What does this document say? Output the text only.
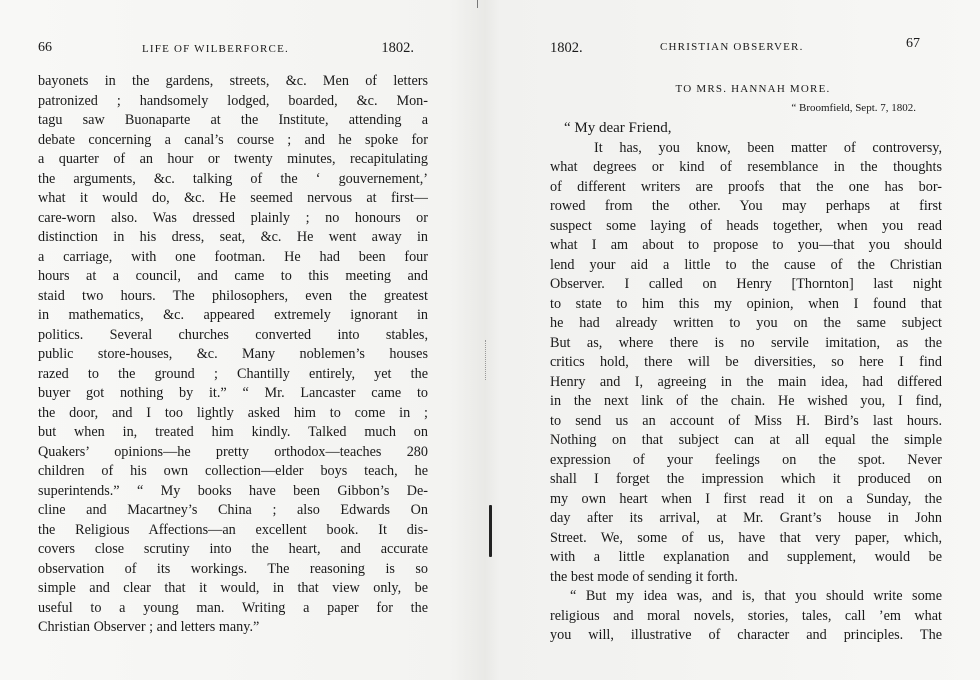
66	LIFE OF WILBERFORCE.	1802.
bayonets in the gardens, streets, &c. Men of letters
patronized ; handsomely lodged, boarded, &c. Mon-
tagu saw Buonaparte at the Institute, attending a
debate concerning a canal’s course ; and he spoke for
a quarter of an hour or twenty minutes, recapitulating
the arguments, &c. talking of the ‘ gouvernement,’
what it would do, &c. He seemed nervous at first—
care-worn also. Was dressed plainly ; no honours or
distinction in his dress, seat, &c. He went away in
a carriage, with one footman. He had been four
hours at a council, and came to this meeting and
staid two hours. The philosophers, even the greatest
in mathematics, &c. appeared extremely ignorant in
politics. Several churches converted into stables,
public store-houses, &c. Many noblemen’s houses
razed to the ground ; Chantilly entirely, yet the
buyer got nothing by it.” “ Mr. Lancaster came to
the door, and I too lightly asked him to come in ;
but when in, treated him kindly. Talked much on
Quakers’ opinions—he pretty orthodox—teaches 280
children of his own collection—elder boys teach, he
superintends.” “ My books have been Gibbon’s De-
cline and Macartney’s China ; also Edwards On
the Religious Affections—an excellent book. It dis-
covers close scrutiny into the heart, and accurate
observation of its workings. The reasoning is so
simple and clear that it would, in that view only, be
useful to a young man. Writing a paper for the
Christian Observer ; and letters many.”
1802.	CHRISTIAN OBSERVER.	67
TO MRS. HANNAH MORE.
“ Broomfield, Sept. 7, 1802.
“ My dear Friend,
It has, you know, been matter of controversy,
what degrees or kind of resemblance in the thoughts
of different writers are proofs that the one has bor-
rowed from the other. You may perhaps at first
suspect some laying of heads together, when you read
what I am about to propose to you—that you should
lend your aid a little to the cause of the Christian
Observer. I called on Henry [Thornton] last night
to state to him this my opinion, when I found that
he had already written to you on the same subject
But as, where there is no servile imitation, as the
critics hold, there will be diversities, so here I find
Henry and I, agreeing in the main idea, had differed
in the next link of the chain. He wished you, I find,
to send us an account of Miss H. Bird’s last hours.
Nothing on that subject can at all equal the simple
expression of your feelings on the spot. Never
shall I forget the impression which it produced on
my own heart when I first read it on a Sunday, the
day after its arrival, at Mr. Grant’s house in John
Street. We, some of us, have that very paper, which,
with a little explanation and supplement, would be
the best mode of sending it forth.
“ But my idea was, and is, that you should write some
religious and moral novels, stories, tales, call ’em what
you will, illustrative of character and principles. The
